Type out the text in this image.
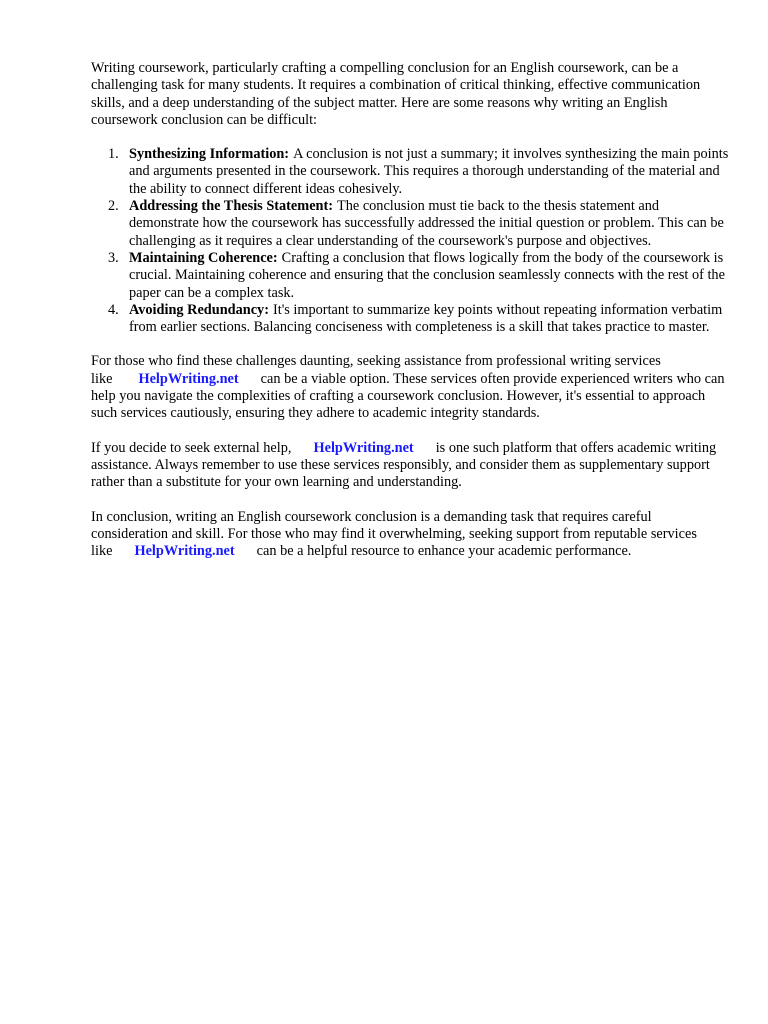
Writing coursework, particularly crafting a compelling conclusion for an English coursework, can be a challenging task for many students. It requires a combination of critical thinking, effective communication skills, and a deep understanding of the subject matter. Here are some reasons why writing an English coursework conclusion can be difficult:

1. Synthesizing Information: A conclusion is not just a summary; it involves synthesizing the main points and arguments presented in the coursework. This requires a thorough understanding of the material and the ability to connect different ideas cohesively.
2. Addressing the Thesis Statement: The conclusion must tie back to the thesis statement and demonstrate how the coursework has successfully addressed the initial question or problem. This can be challenging as it requires a clear understanding of the coursework's purpose and objectives.
3. Maintaining Coherence: Crafting a conclusion that flows logically from the body of the coursework is crucial. Maintaining coherence and ensuring that the conclusion seamlessly connects with the rest of the paper can be a complex task.
4. Avoiding Redundancy: It's important to summarize key points without repeating information verbatim from earlier sections. Balancing conciseness with completeness is a skill that takes practice to master.

For those who find these challenges daunting, seeking assistance from professional writing services like HelpWriting.net can be a viable option. These services often provide experienced writers who can help you navigate the complexities of crafting a coursework conclusion. However, it's essential to approach such services cautiously, ensuring they adhere to academic integrity standards.

If you decide to seek external help, HelpWriting.net is one such platform that offers academic writing assistance. Always remember to use these services responsibly, and consider them as supplementary support rather than a substitute for your own learning and understanding.

In conclusion, writing an English coursework conclusion is a demanding task that requires careful consideration and skill. For those who may find it overwhelming, seeking support from reputable services like HelpWriting.net can be a helpful resource to enhance your academic performance.
